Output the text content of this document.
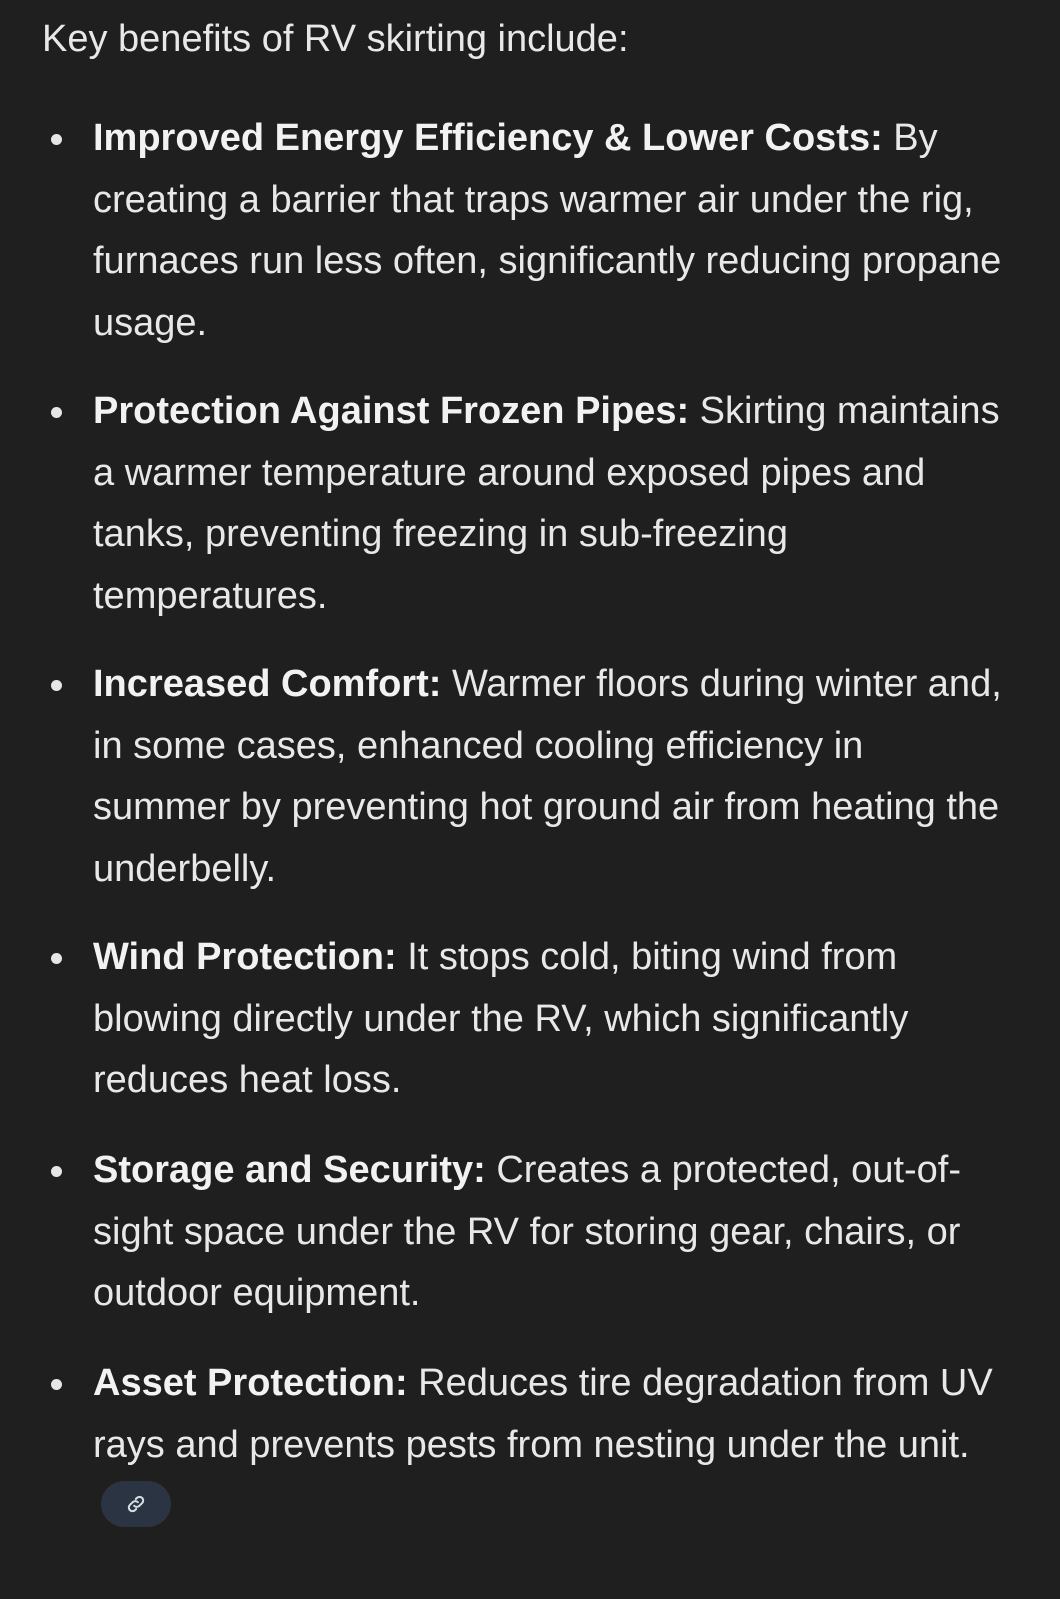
Key benefits of RV skirting include:

Improved Energy Efficiency & Lower Costs: By creating a barrier that traps warmer air under the rig, furnaces run less often, significantly reducing propane usage.

Protection Against Frozen Pipes: Skirting maintains a warmer temperature around exposed pipes and tanks, preventing freezing in sub-freezing temperatures.

Increased Comfort: Warmer floors during winter and, in some cases, enhanced cooling efficiency in summer by preventing hot ground air from heating the underbelly.

Wind Protection: It stops cold, biting wind from blowing directly under the RV, which significantly reduces heat loss.

Storage and Security: Creates a protected, out-of-sight space under the RV for storing gear, chairs, or outdoor equipment.

Asset Protection: Reduces tire degradation from UV rays and prevents pests from nesting under the unit.
